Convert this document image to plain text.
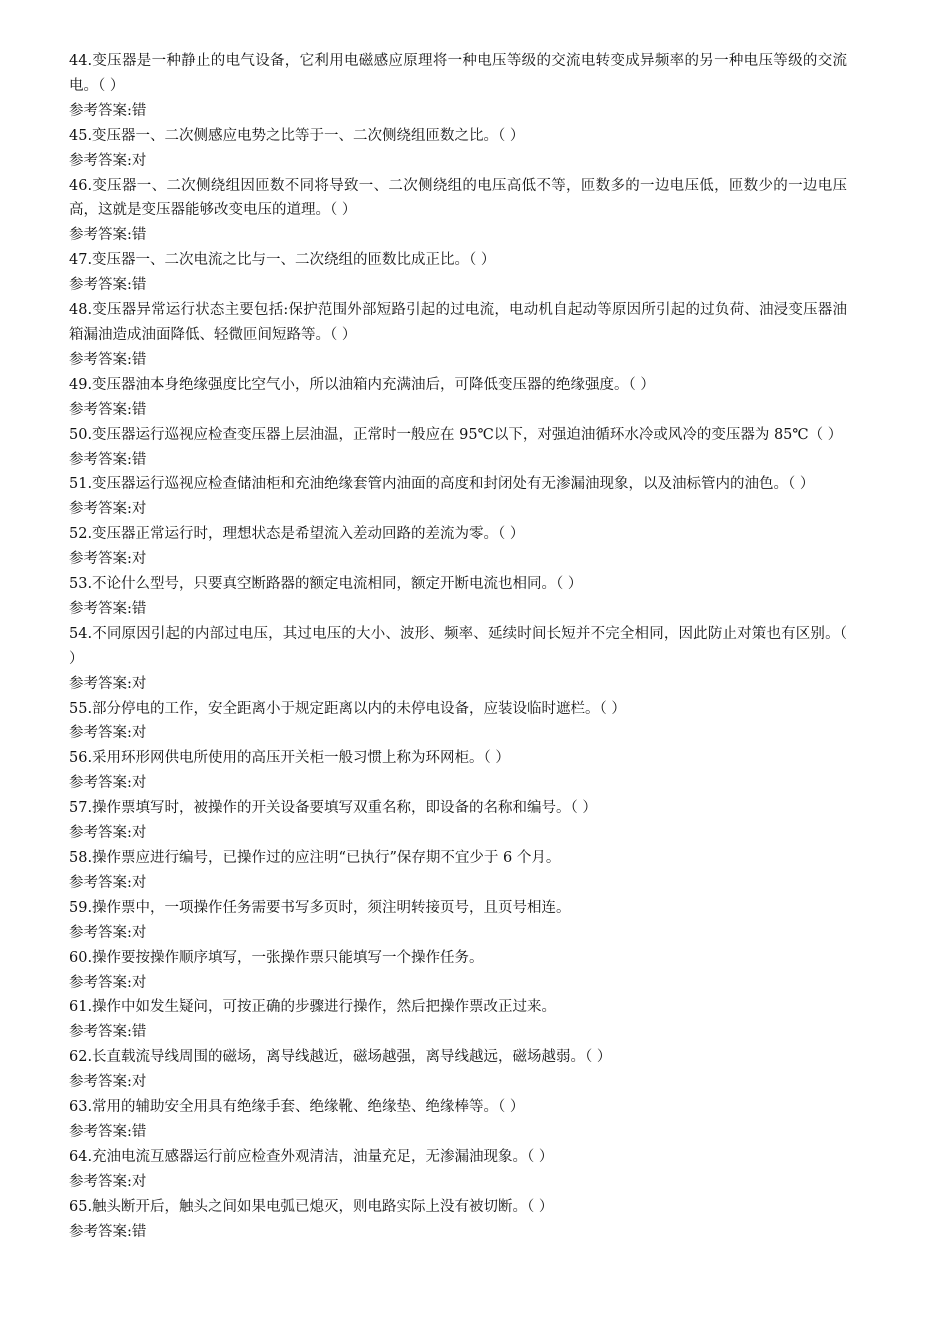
44.变压器是一种静止的电气设备，它利用电磁感应原理将一种电压等级的交流电转变成异频率的另一种电压等级的交流电。（ ）

参考答案:错

45.变压器一、二次侧感应电势之比等于一、二次侧绕组匝数之比。（ ）

参考答案:对

46.变压器一、二次侧绕组因匝数不同将导致一、二次侧绕组的电压高低不等，匝数多的一边电压低，匝数少的一边电压高，这就是变压器能够改变电压的道理。（ ）

参考答案:错

47.变压器一、二次电流之比与一、二次绕组的匝数比成正比。（ ）

参考答案:错

48.变压器异常运行状态主要包括:保护范围外部短路引起的过电流，电动机自起动等原因所引起的过负荷、油浸变压器油箱漏油造成油面降低、轻微匝间短路等。（ ）

参考答案:错

49.变压器油本身绝缘强度比空气小，所以油箱内充满油后，可降低变压器的绝缘强度。（ ）

参考答案:错

50.变压器运行巡视应检查变压器上层油温，正常时一般应在 95℃以下，对强迫油循环水冷或风冷的变压器为 85℃（ ）

参考答案:错

51.变压器运行巡视应检查储油柜和充油绝缘套管内油面的高度和封闭处有无渗漏油现象，以及油标管内的油色。（ ）

参考答案:对

52.变压器正常运行时，理想状态是希望流入差动回路的差流为零。（ ）

参考答案:对

53.不论什么型号，只要真空断路器的额定电流相同，额定开断电流也相同。（ ）

参考答案:错

54.不同原因引起的内部过电压，其过电压的大小、波形、频率、延续时间长短并不完全相同，因此防止对策也有区别。（ ）

参考答案:对

55.部分停电的工作，安全距离小于规定距离以内的未停电设备，应装设临时遮栏。（ ）

参考答案:对

56.采用环形网供电所使用的高压开关柜一般习惯上称为环网柜。（ ）

参考答案:对

57.操作票填写时，被操作的开关设备要填写双重名称，即设备的名称和编号。（ ）

参考答案:对

58.操作票应进行编号，已操作过的应注明“已执行”保存期不宜少于 6 个月。

参考答案:对

59.操作票中，一项操作任务需要书写多页时，须注明转接页号，且页号相连。

参考答案:对

60.操作要按操作顺序填写，一张操作票只能填写一个操作任务。

参考答案:对

61.操作中如发生疑问，可按正确的步骤进行操作，然后把操作票改正过来。

参考答案:错

62.长直载流导线周围的磁场，离导线越近，磁场越强，离导线越远，磁场越弱。（ ）

参考答案:对

63.常用的辅助安全用具有绝缘手套、绝缘靴、绝缘垫、绝缘棒等。（ ）

参考答案:错

64.充油电流互感器运行前应检查外观清洁，油量充足，无渗漏油现象。（ ）

参考答案:对

65.触头断开后，触头之间如果电弧已熄灭，则电路实际上没有被切断。（ ）

参考答案:错
